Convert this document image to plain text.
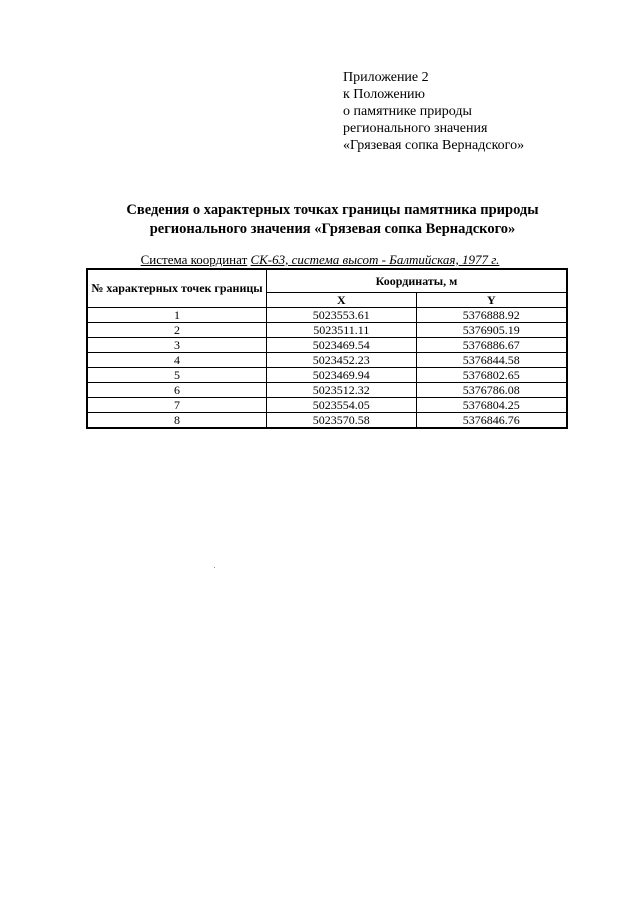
Приложение 2
к Положению
о памятнике природы
регионального значения
«Грязевая сопка Вернадского»
Сведения о характерных точках границы памятника природы
регионального значения «Грязевая сопка Вернадского»
Система координат СК-63, система высот - Балтийская, 1977 г.
№ характерных точек границы	Координаты, м	
	X	Y
1	5023553.61	5376888.92
2	5023511.11	5376905.19
3	5023469.54	5376886.67
4	5023452.23	5376844.58
5	5023469.94	5376802.65
6	5023512.32	5376786.08
7	5023554.05	5376804.25
8	5023570.58	5376846.76
